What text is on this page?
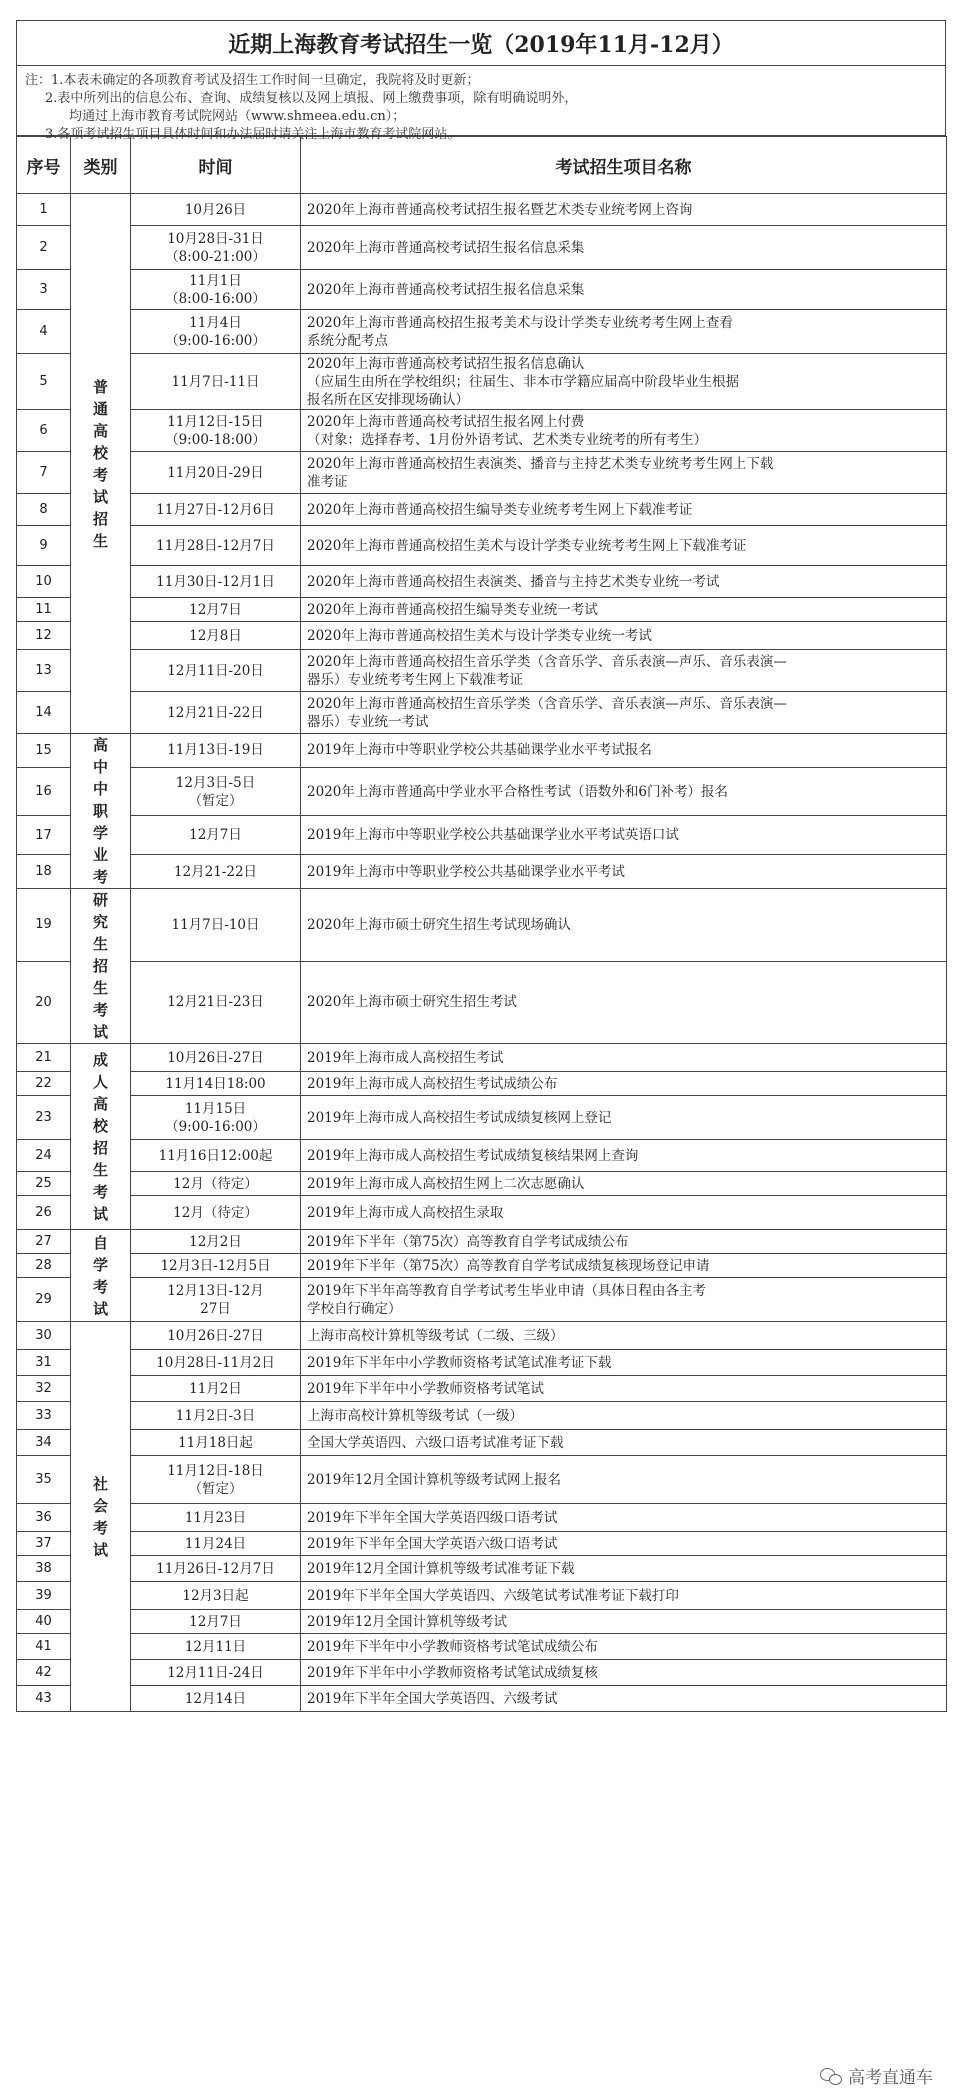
近期上海教育考试招生一览（2019年11月-12月）
注：1.本表未确定的各项教育考试及招生工作时间一旦确定，我院将及时更新；
2.表中所列出的信息公布、查询、成绩复核以及网上填报、网上缴费事项，除有明确说明外，
均通过上海市教育考试院网站（www.shmeea.edu.cn）；
3.各项考试招生项目具体时间和办法届时请关注上海市教育考试院网站。
序号	类别	时间	考试招生项目名称
1	普通高校考试招生	10月26日	2020年上海市普通高校考试招生报名暨艺术类专业统考网上咨询
2		10月28日-31日
（8:00-21:00）	2020年上海市普通高校考试招生报名信息采集
3		11月1日
（8:00-16:00）	2020年上海市普通高校考试招生报名信息采集
4		11月4日
（9:00-16:00）	2020年上海市普通高校招生报考美术与设计学类专业统考考生网上查看
系统分配考点
5		11月7日-11日	2020年上海市普通高校考试招生报名信息确认
（应届生由所在学校组织；往届生、非本市学籍应届高中阶段毕业生根据
报名所在区安排现场确认）
6		11月12日-15日
（9:00-18:00）	2020年上海市普通高校考试招生报名网上付费
（对象：选择春考、1月份外语考试、艺术类专业统考的所有考生）
7		11月20日-29日	2020年上海市普通高校招生表演类、播音与主持艺术类专业统考考生网上下载
准考证
8		11月27日-12月6日	2020年上海市普通高校招生编导类专业统考考生网上下载准考证
9		11月28日-12月7日	2020年上海市普通高校招生美术与设计学类专业统考考生网上下载准考证
10		11月30日-12月1日	2020年上海市普通高校招生表演类、播音与主持艺术类专业统一考试
11		12月7日	2020年上海市普通高校招生编导类专业统一考试
12		12月8日	2020年上海市普通高校招生美术与设计学类专业统一考试
13		12月11日-20日	2020年上海市普通高校招生音乐学类（含音乐学、音乐表演—声乐、音乐表演—
器乐）专业统考考生网上下载准考证
14		12月21日-22日	2020年上海市普通高校招生音乐学类（含音乐学、音乐表演—声乐、音乐表演—
器乐）专业统一考试
15	高中中职学业考	11月13日-19日	2019年上海市中等职业学校公共基础课学业水平考试报名
16		12月3日-5日
（暂定）	2020年上海市普通高中学业水平合格性考试（语数外和6门补考）报名
17		12月7日	2019年上海市中等职业学校公共基础课学业水平考试英语口试
18		12月21-22日	2019年上海市中等职业学校公共基础课学业水平考试
19	研究生招生考试	11月7日-10日	2020年上海市硕士研究生招生考试现场确认
20		12月21日-23日	2020年上海市硕士研究生招生考试
21	成人高校招生考试	10月26日-27日	2019年上海市成人高校招生考试
22		11月14日18:00	2019年上海市成人高校招生考试成绩公布
23		11月15日
（9:00-16:00）	2019年上海市成人高校招生考试成绩复核网上登记
24		11月16日12:00起	2019年上海市成人高校招生考试成绩复核结果网上查询
25		12月（待定）	2019年上海市成人高校招生网上二次志愿确认
26		12月（待定）	2019年上海市成人高校招生录取
27	自学考试	12月2日	2019年下半年（第75次）高等教育自学考试成绩公布
28		12月3日-12月5日	2019年下半年（第75次）高等教育自学考试成绩复核现场登记申请
29		12月13日-12月
27日	2019年下半年高等教育自学考试考生毕业申请（具体日程由各主考
学校自行确定）
30	社会考试	10月26日-27日	上海市高校计算机等级考试（二级、三级）
31		10月28日-11月2日	2019年下半年中小学教师资格考试笔试准考证下载
32		11月2日	2019年下半年中小学教师资格考试笔试
33		11月2日-3日	上海市高校计算机等级考试（一级）
34		11月18日起	全国大学英语四、六级口语考试准考证下载
35		11月12日-18日
（暂定）	2019年12月全国计算机等级考试网上报名
36		11月23日	2019年下半年全国大学英语四级口语考试
37		11月24日	2019年下半年全国大学英语六级口语考试
38		11月26日-12月7日	2019年12月全国计算机等级考试准考证下载
39		12月3日起	2019年下半年全国大学英语四、六级笔试考试准考证下载打印
40		12月7日	2019年12月全国计算机等级考试
41		12月11日	2019年下半年中小学教师资格考试笔试成绩公布
42		12月11日-24日	2019年下半年中小学教师资格考试笔试成绩复核
43		12月14日	2019年下半年全国大学英语四、六级考试
高考直通车
